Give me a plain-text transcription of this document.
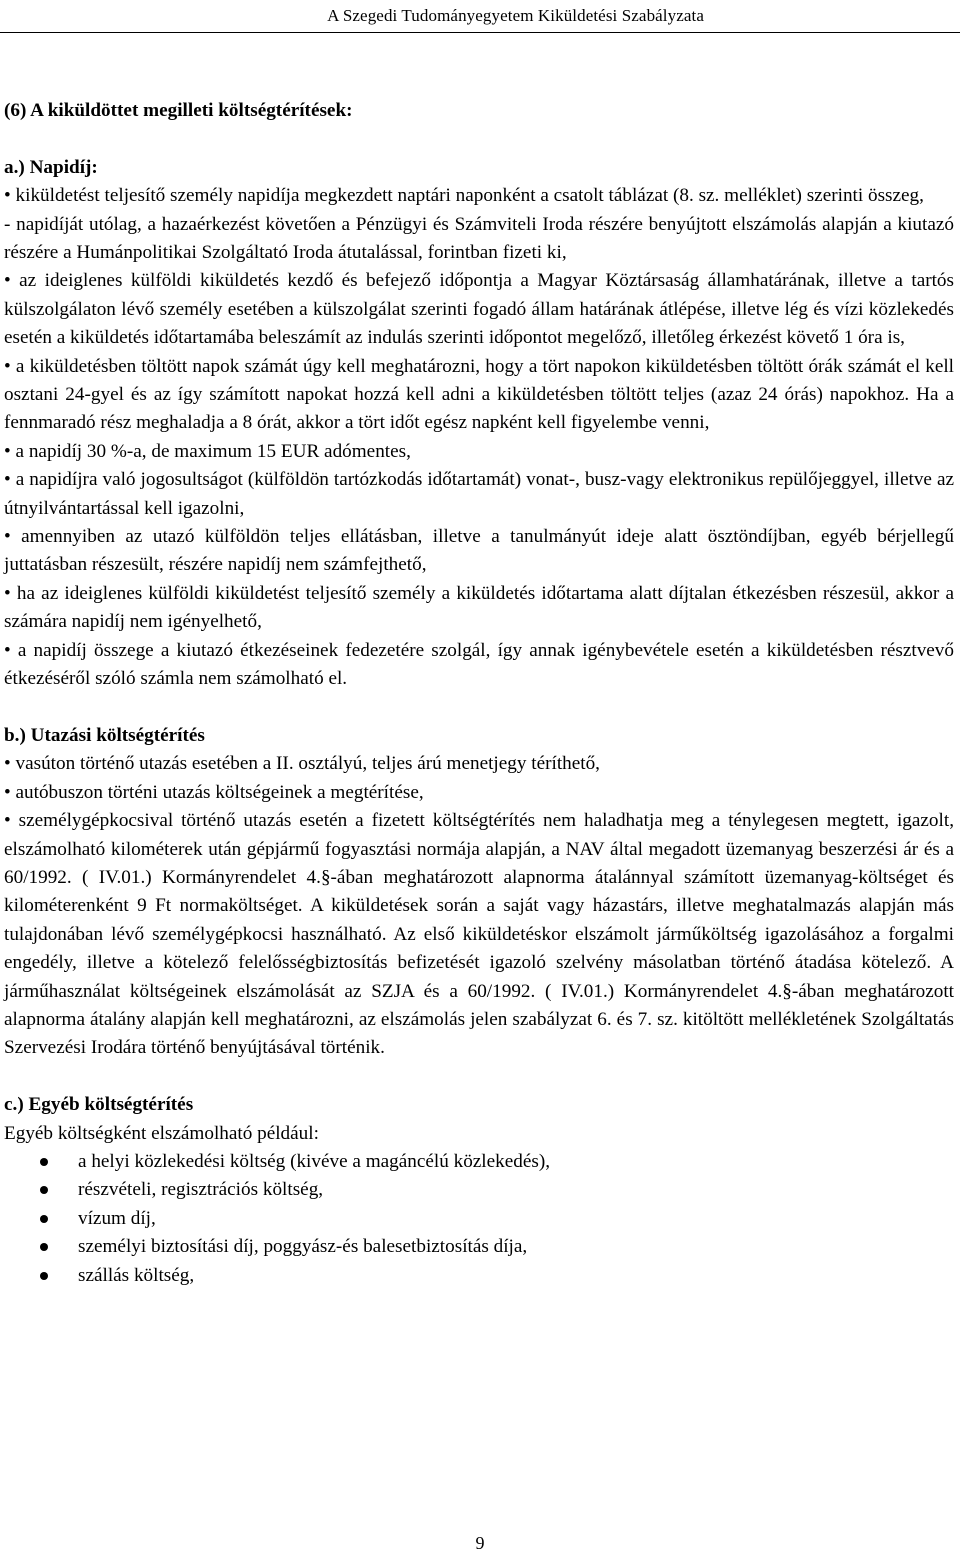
A Szegedi Tudományegyetem Kiküldetési Szabályzata

(6) A kiküldöttet megilleti költségtérítések:

a.) Napidíj:

• kiküldetést teljesítő személy napidíja megkezdett naptári naponként a csatolt táblázat (8. sz. melléklet) szerinti összeg,

- napidíját utólag, a hazaérkezést követően a Pénzügyi és Számviteli Iroda részére benyújtott elszámolás alapján a kiutazó részére a Humánpolitikai Szolgáltató Iroda átutalással, forintban fizeti ki,

• az ideiglenes külföldi kiküldetés kezdő és befejező időpontja a Magyar Köztársaság államhatárának, illetve a tartós külszolgálaton lévő személy esetében a külszolgálat szerinti fogadó állam határának átlépése, illetve lég és vízi közlekedés esetén a kiküldetés időtartamába beleszámít az indulás szerinti időpontot megelőző, illetőleg érkezést követő 1 óra is,

• a kiküldetésben töltött napok számát úgy kell meghatározni, hogy a tört napokon kiküldetésben töltött órák számát el kell osztani 24-gyel és az így számított napokat hozzá kell adni a kiküldetésben töltött teljes (azaz 24 órás) napokhoz. Ha a fennmaradó rész meghaladja a 8 órát, akkor a tört időt egész napként kell figyelembe venni,

• a napidíj 30 %-a, de maximum 15 EUR adómentes,

• a napidíjra való jogosultságot (külföldön tartózkodás időtartamát) vonat-, busz-vagy elektronikus repülőjeggyel, illetve az útnyilvántartással kell igazolni,

• amennyiben az utazó külföldön teljes ellátásban, illetve a tanulmányút ideje alatt ösztöndíjban, egyéb bérjellegű juttatásban részesült, részére napidíj nem számfejthető,

• ha az ideiglenes külföldi kiküldetést teljesítő személy a kiküldetés időtartama alatt díjtalan étkezésben részesül, akkor a számára napidíj nem igényelhető,

• a napidíj összege a kiutazó étkezéseinek fedezetére szolgál, így annak igénybevétele esetén a kiküldetésben résztvevő étkezéséről szóló számla nem számolható el.

b.) Utazási költségtérítés

• vasúton történő utazás esetében a II. osztályú, teljes árú menetjegy téríthető,

• autóbuszon történi utazás költségeinek a megtérítése,

• személygépkocsival történő utazás esetén a fizetett költségtérítés nem haladhatja meg a ténylegesen megtett, igazolt, elszámolható kilométerek után gépjármű fogyasztási normája alapján, a NAV által megadott üzemanyag beszerzési ár és a 60/1992. ( IV.01.) Kormányrendelet 4.§-ában meghatározott alapnorma átalánnyal számított üzemanyag-költséget és kilométerenként 9 Ft normaköltséget. A kiküldetések során a saját vagy házastárs, illetve meghatalmazás alapján más tulajdonában lévő személygépkocsi használható. Az első kiküldetéskor elszámolt járműköltség igazolásához a forgalmi engedély, illetve a kötelező felelősségbiztosítás befizetését igazoló szelvény másolatban történő átadása kötelező. A járműhasználat költségeinek elszámolását az SZJA és a 60/1992. ( IV.01.) Kormányrendelet 4.§-ában meghatározott alapnorma átalány alapján kell meghatározni, az elszámolás jelen szabályzat 6. és 7. sz. kitöltött mellékletének Szolgáltatás Szervezési Irodára történő benyújtásával történik.

c.) Egyéb költségtérítés

Egyéb költségként elszámolható például:

a helyi közlekedési költség (kivéve a magáncélú közlekedés),
részvételi, regisztrációs költség,
vízum díj,
személyi biztosítási díj, poggyász-és balesetbiztosítás díja,
szállás költség,
9
